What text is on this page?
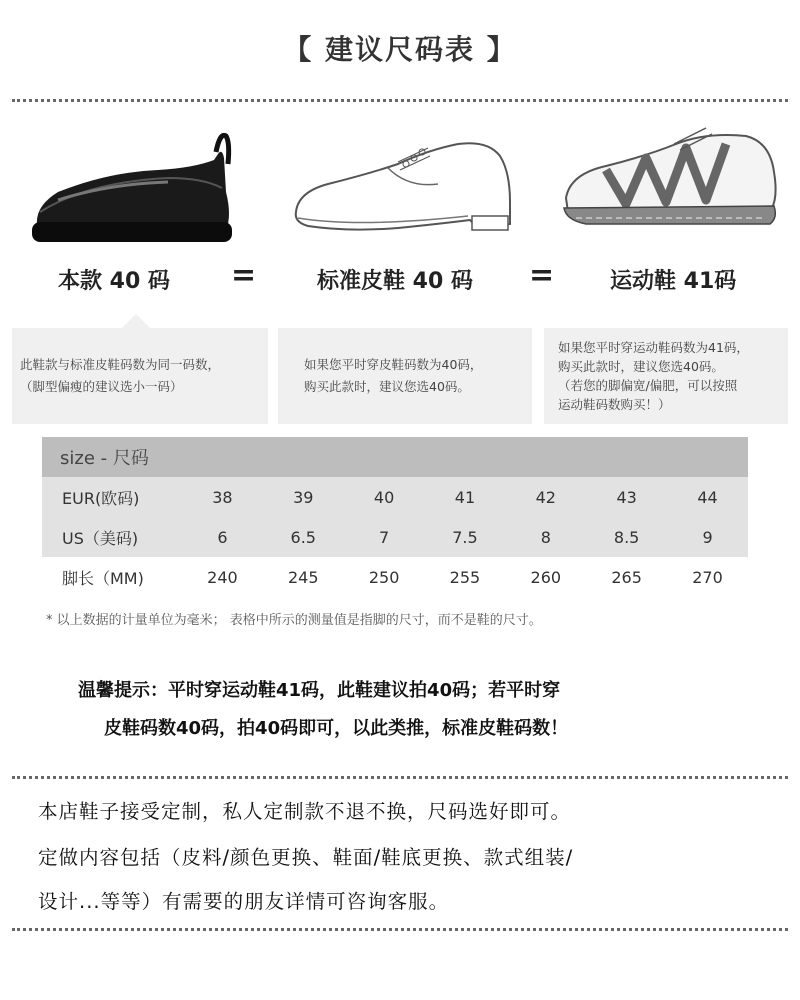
【 建议尺码表 】
本款 40 码 =	标准皮鞋 40 码 =	运动鞋 41码
此鞋款与标准皮鞋码数为同一码数，
（脚型偏瘦的建议选小一码）
如果您平时穿皮鞋码数为40码，
购买此款时，建议您选40码。
如果您平时穿运动鞋码数为41码，
购买此款时，建议您选40码。
（若您的脚偏宽/偏肥，可以按照
运动鞋码数购买！）
size - 尺码							
EUR(欧码)	38	39	40	41	42	43	44
US（美码)	6	6.5	7	7.5	8	8.5	9
脚长（MM)	240	245	250	255	260	265	270
* 以上数据的计量单位为毫米； 表格中所示的测量值是指脚的尺寸，而不是鞋的尺寸。
温馨提示：平时穿运动鞋41码，此鞋建议拍40码；若平时穿
皮鞋码数40码，拍40码即可，以此类推，标准皮鞋码数！
本店鞋子接受定制，私人定制款不退不换，尺码选好即可。
定做内容包括（皮料/颜色更换、鞋面/鞋底更换、款式组装/
设计...等等）有需要的朋友详情可咨询客服。
